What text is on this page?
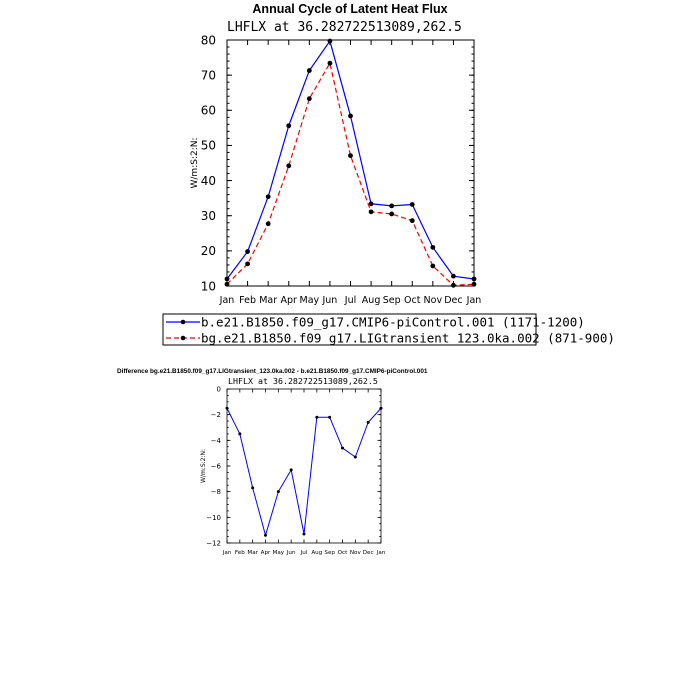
Annual Cycle of Latent Heat Flux
LHFLX at 36.282722513089,262.5
W/m:S:2:N:
Jan Feb Mar Apr May Jun Jul Aug Sep Oct Nov Dec Jan
10
20
30
40
50
60
70
80
b.e21.B1850.f09_g17.CMIP6-piControl.001 (1171-1200)
bg.e21.B1850.f09_g17.LIGtransient_123.0ka.002 (871-900)
Difference bg.e21.B1850.f09_g17.LIGtransient_123.0ka.002 - b.e21.B1850.f09_g17.CMIP6-piControl.001
LHFLX at 36.282722513089,262.5
W/m:S:2:N:
Jan Feb Mar Apr May Jun Jul Aug Sep Oct Nov Dec Jan
0
−2
−4
−6
−8
−10
−12
